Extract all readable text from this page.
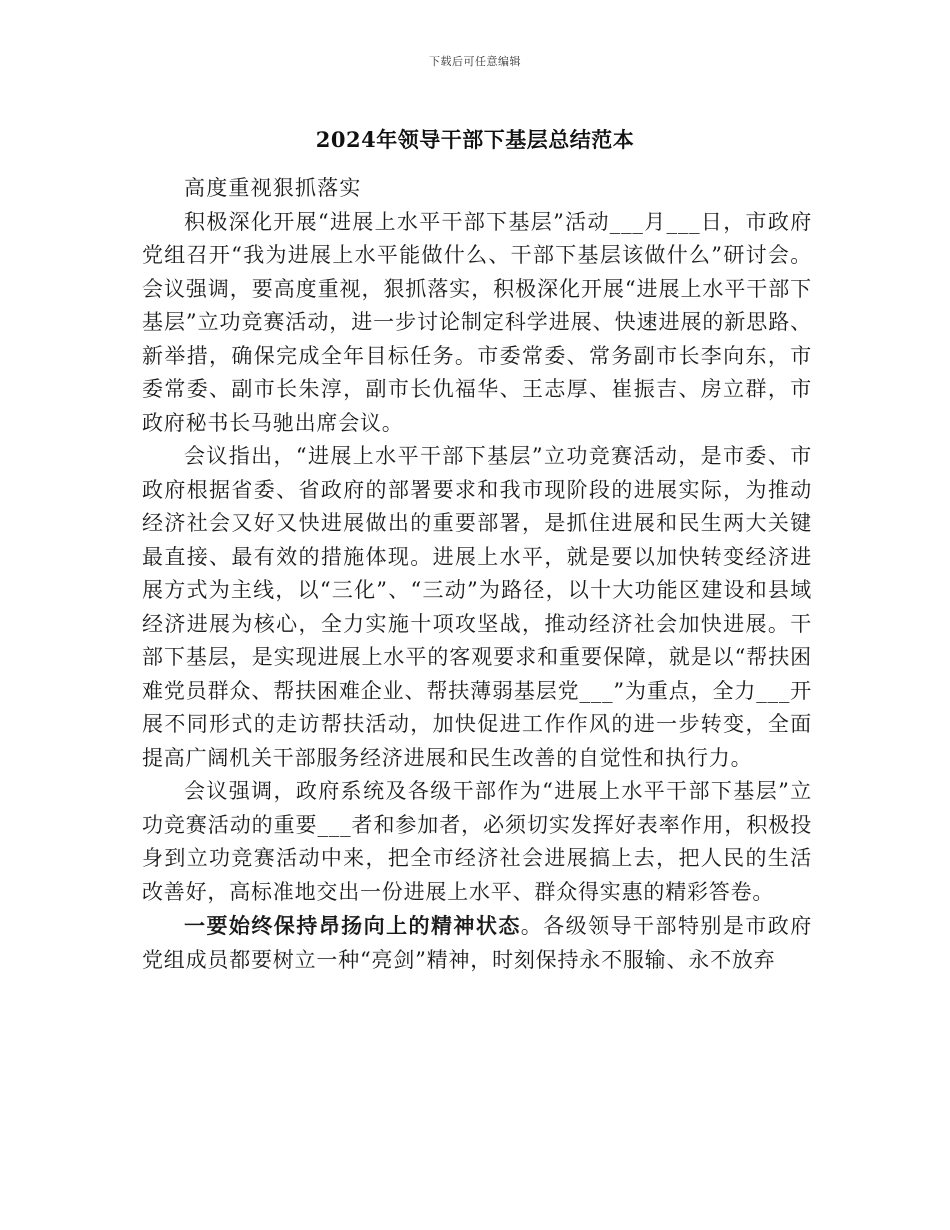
下载后可任意编辑
2024年领导干部下基层总结范本

高度重视狠抓落实

积极深化开展“进展上水平干部下基层”活动___月___日，市政府党组召开“我为进展上水平能做什么、干部下基层该做什么”研讨会。会议强调，要高度重视，狠抓落实，积极深化开展“进展上水平干部下基层”立功竞赛活动，进一步讨论制定科学进展、快速进展的新思路、新举措，确保完成全年目标任务。市委常委、常务副市长李向东，市委常委、副市长朱淳，副市长仇福华、王志厚、崔振吉、房立群，市政府秘书长马驰出席会议。

会议指出，“进展上水平干部下基层”立功竞赛活动，是市委、市政府根据省委、省政府的部署要求和我市现阶段的进展实际，为推动经济社会又好又快进展做出的重要部署，是抓住进展和民生两大关键最直接、最有效的措施体现。进展上水平，就是要以加快转变经济进展方式为主线，以“三化”、“三动”为路径，以十大功能区建设和县域经济进展为核心，全力实施十项攻坚战，推动经济社会加快进展。干部下基层，是实现进展上水平的客观要求和重要保障，就是以“帮扶困难党员群众、帮扶困难企业、帮扶薄弱基层党___”为重点，全力___开展不同形式的走访帮扶活动，加快促进工作作风的进一步转变，全面提高广阔机关干部服务经济进展和民生改善的自觉性和执行力。

会议强调，政府系统及各级干部作为“进展上水平干部下基层”立功竞赛活动的重要___者和参加者，必须切实发挥好表率作用，积极投身到立功竞赛活动中来，把全市经济社会进展搞上去，把人民的生活改善好，高标准地交出一份进展上水平、群众得实惠的精彩答卷。

一要始终保持昂扬向上的精神状态。各级领导干部特别是市政府党组成员都要树立一种“亮剑”精神，时刻保持永不服输、永不放弃
